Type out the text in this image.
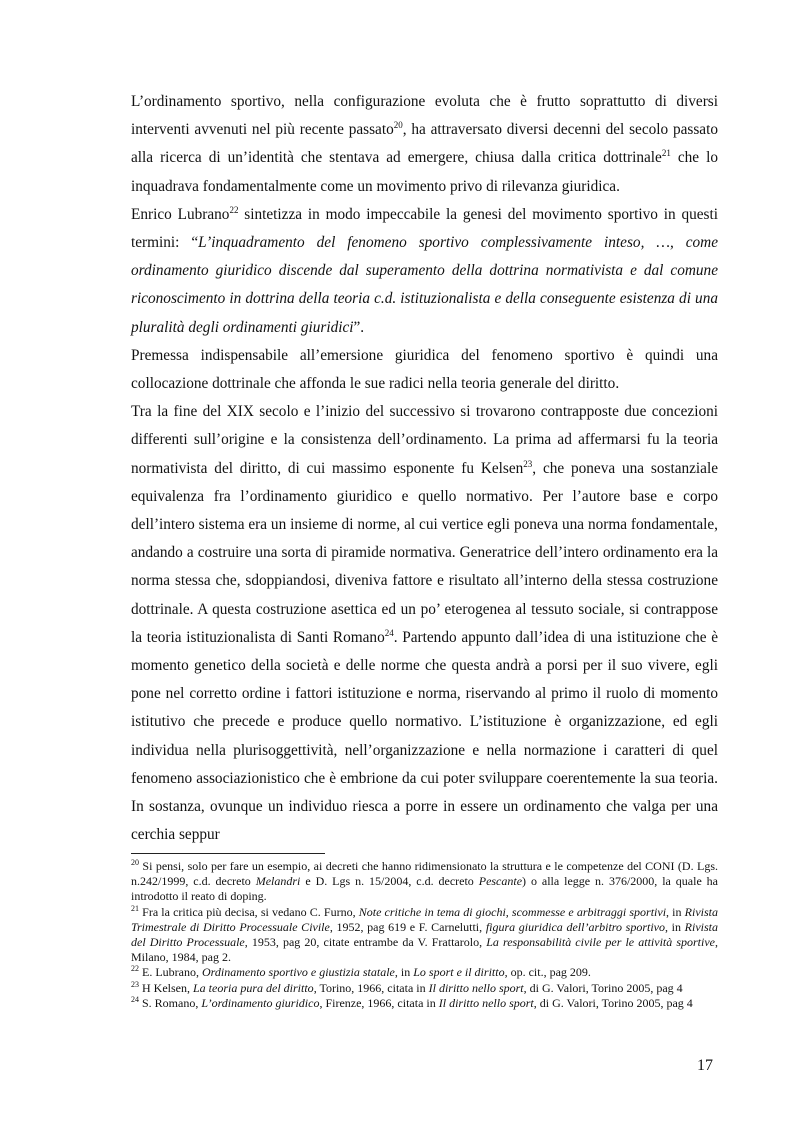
L’ordinamento sportivo, nella configurazione evoluta che è frutto soprattutto di diversi interventi avvenuti nel più recente passato$^{20}$, ha attraversato diversi decenni del secolo passato alla ricerca di un’identità che stentava ad emergere, chiusa dalla critica dottrinale$^{21}$ che lo inquadrava fondamentalmente come un movimento privo di rilevanza giuridica.

Enrico Lubrano$^{22}$ sintetizza in modo impeccabile la genesi del movimento sportivo in questi termini: “L’inquadramento del fenomeno sportivo complessivamente inteso, …, come ordinamento giuridico discende dal superamento della dottrina normativista e dal comune riconoscimento in dottrina della teoria c.d. istituzionalista e della conseguente esistenza di una pluralità degli ordinamenti giuridici”.

Premessa indispensabile all’emersione giuridica del fenomeno sportivo è quindi una collocazione dottrinale che affonda le sue radici nella teoria generale del diritto.

Tra la fine del XIX secolo e l’inizio del successivo si trovarono contrapposte due concezioni differenti sull’origine e la consistenza dell’ordinamento. La prima ad affermarsi fu la teoria normativista del diritto, di cui massimo esponente fu Kelsen$^{23}$, che poneva una sostanziale equivalenza fra l’ordinamento giuridico e quello normativo. Per l’autore base e corpo dell’intero sistema era un insieme di norme, al cui vertice egli poneva una norma fondamentale, andando a costruire una sorta di piramide normativa. Generatrice dell’intero ordinamento era la norma stessa che, sdoppiandosi, diveniva fattore e risultato all’interno della stessa costruzione dottrinale. A questa costruzione asettica ed un po’ eterogenea al tessuto sociale, si contrappose la teoria istituzionalista di Santi Romano$^{24}$. Partendo appunto dall’idea di una istituzione che è momento genetico della società e delle norme che questa andrà a porsi per il suo vivere, egli pone nel corretto ordine i fattori istituzione e norma, riservando al primo il ruolo di momento istitutivo che precede e produce quello normativo. L’istituzione è organizzazione, ed egli individua nella plurisoggettività, nell’organizzazione e nella normazione i caratteri di quel fenomeno associazionistico che è embrione da cui poter sviluppare coerentemente la sua teoria. In sostanza, ovunque un individuo riesca a porre in essere un ordinamento che valga per una cerchia seppur

$^{20}$ Si pensi, solo per fare un esempio, ai decreti che hanno ridimensionato la struttura e le competenze del CONI (D. Lgs. n.242/1999, c.d. decreto Melandri e D. Lgs n. 15/2004, c.d. decreto Pescante) o alla legge n. 376/2000, la quale ha introdotto il reato di doping.

$^{21}$ Fra la critica più decisa, si vedano C. Furno, Note critiche in tema di giochi, scommesse e arbitraggi sportivi, in Rivista Trimestrale di Diritto Processuale Civile, 1952, pag 619 e F. Carnelutti, figura giuridica dell’arbitro sportivo, in Rivista del Diritto Processuale, 1953, pag 20, citate entrambe da V. Frattarolo, La responsabilità civile per le attività sportive, Milano, 1984, pag 2.

$^{22}$ E. Lubrano, Ordinamento sportivo e giustizia statale, in Lo sport e il diritto, op. cit., pag 209.

$^{23}$ H Kelsen, La teoria pura del diritto, Torino, 1966, citata in Il diritto nello sport, di G. Valori, Torino 2005, pag 4

$^{24}$ S. Romano, L’ordinamento giuridico, Firenze, 1966, citata in Il diritto nello sport, di G. Valori, Torino 2005, pag 4

17
